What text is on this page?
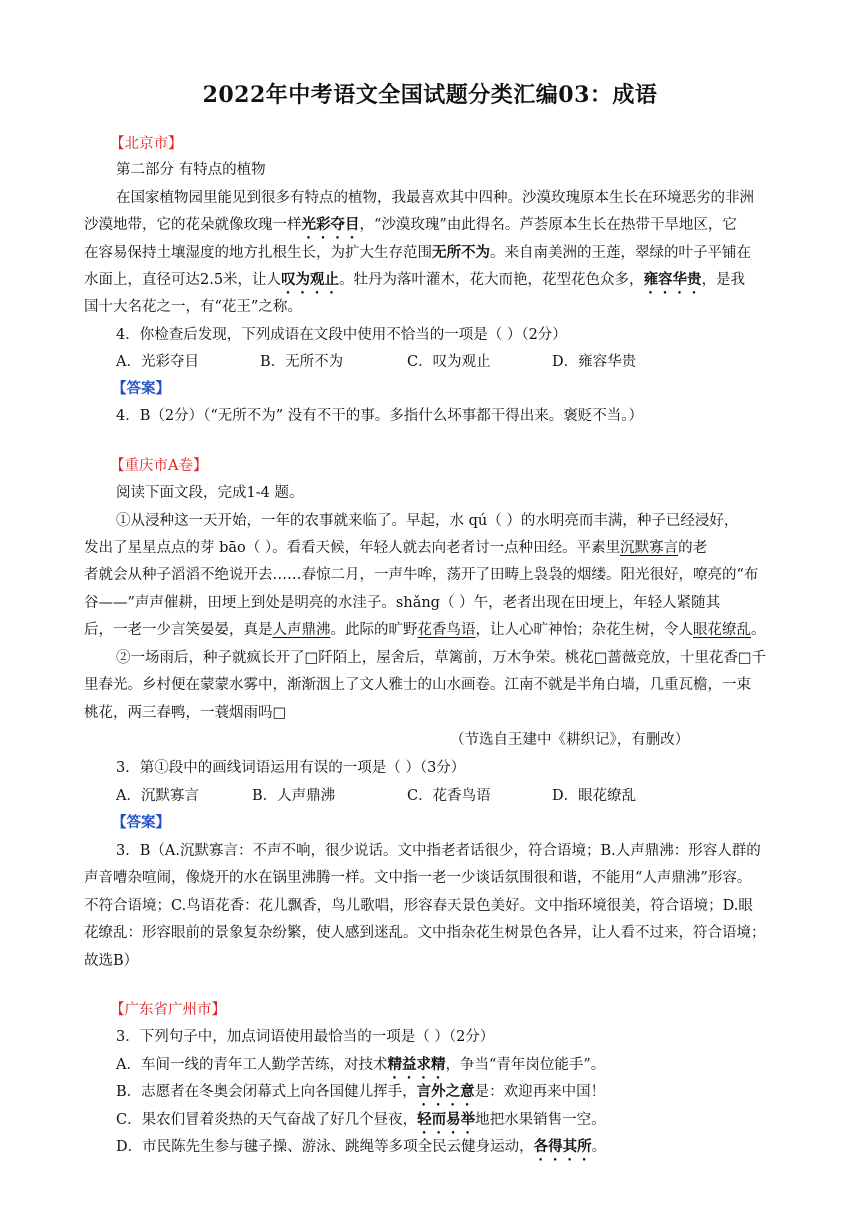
2022年中考语文全国试题分类汇编03：成语
【北京市】
第二部分 有特点的植物
在国家植物园里能见到很多有特点的植物，我最喜欢其中四种。沙漠玫瑰原本生长在环境恶劣的非洲
沙漠地带，它的花朵就像玫瑰一样光彩夺目，“沙漠玫瑰”由此得名。芦荟原本生长在热带干旱地区，它
在容易保持土壤湿度的地方扎根生长，为扩大生存范围无所不为。来自南美洲的王莲，翠绿的叶子平铺在
水面上，直径可达2.5米，让人叹为观止。牡丹为落叶灌木，花大而艳，花型花色众多，雍容华贵，是我
国十大名花之一，有“花王”之称。
4．你检查后发现，下列成语在文段中使用不恰当的一项是（ ）（2分）
A．光彩夺目	B．无所不为	C．叹为观止	D．雍容华贵
【答案】
4．B（2分）（“无所不为” 没有不干的事。多指什么坏事都干得出来。褒贬不当。）
【重庆市A卷】
阅读下面文段，完成1-4 题。
①从浸种这一天开始，一年的农事就来临了。早起，水 qú（ ）的水明亮而丰满，种子已经浸好，
发出了星星点点的芽 bāo（ ）。看看天候，年轻人就去向老者讨一点种田经。平素里沉默寡言的老
者就会从种子滔滔不绝说开去……春惊二月，一声牛哞，荡开了田畴上袅袅的烟缕。阳光很好，嘹亮的“布
谷——”声声催耕，田埂上到处是明亮的水洼子。shǎng（ ）午，老者出现在田埂上，年轻人紧随其
后，一老一少言笑晏晏，真是人声鼎沸。此际的旷野花香鸟语，让人心旷神怡；杂花生树，令人眼花缭乱。
②一场雨后，种子就疯长开了□阡陌上，屋舍后，草篱前，万木争荣。桃花□蔷薇竞放，十里花香□千
里春光。乡村便在蒙蒙水雾中，渐渐洇上了文人雅士的山水画卷。江南不就是半角白墙，几重瓦檐，一束
桃花，两三春鸭，一蓑烟雨吗□
（节选自王建中《耕织记》，有删改）
3．第①段中的画线词语运用有误的一项是（ ）（3分）
A．沉默寡言	B．人声鼎沸	C．花香鸟语	D．眼花缭乱
【答案】
3．B（A.沉默寡言：不声不响，很少说话。文中指老者话很少，符合语境；B.人声鼎沸：形容人群的
声音嘈杂喧闹，像烧开的水在锅里沸腾一样。文中指一老一少谈话氛围很和谐，不能用“人声鼎沸”形容。
不符合语境；C.鸟语花香：花儿飘香，鸟儿歌唱，形容春天景色美好。文中指环境很美，符合语境；D.眼
花缭乱：形容眼前的景象复杂纷繁，使人感到迷乱。文中指杂花生树景色各异，让人看不过来，符合语境；
故选B）
【广东省广州市】
3．下列句子中，加点词语使用最恰当的一项是（ ）（2分）
A．车间一线的青年工人勤学苦练，对技术精益求精，争当“青年岗位能手”。
B．志愿者在冬奥会闭幕式上向各国健儿挥手，言外之意是：欢迎再来中国！
C．果农们冒着炎热的天气奋战了好几个昼夜，轻而易举地把水果销售一空。
D．市民陈先生参与毽子操、游泳、跳绳等多项全民云健身运动，各得其所。
